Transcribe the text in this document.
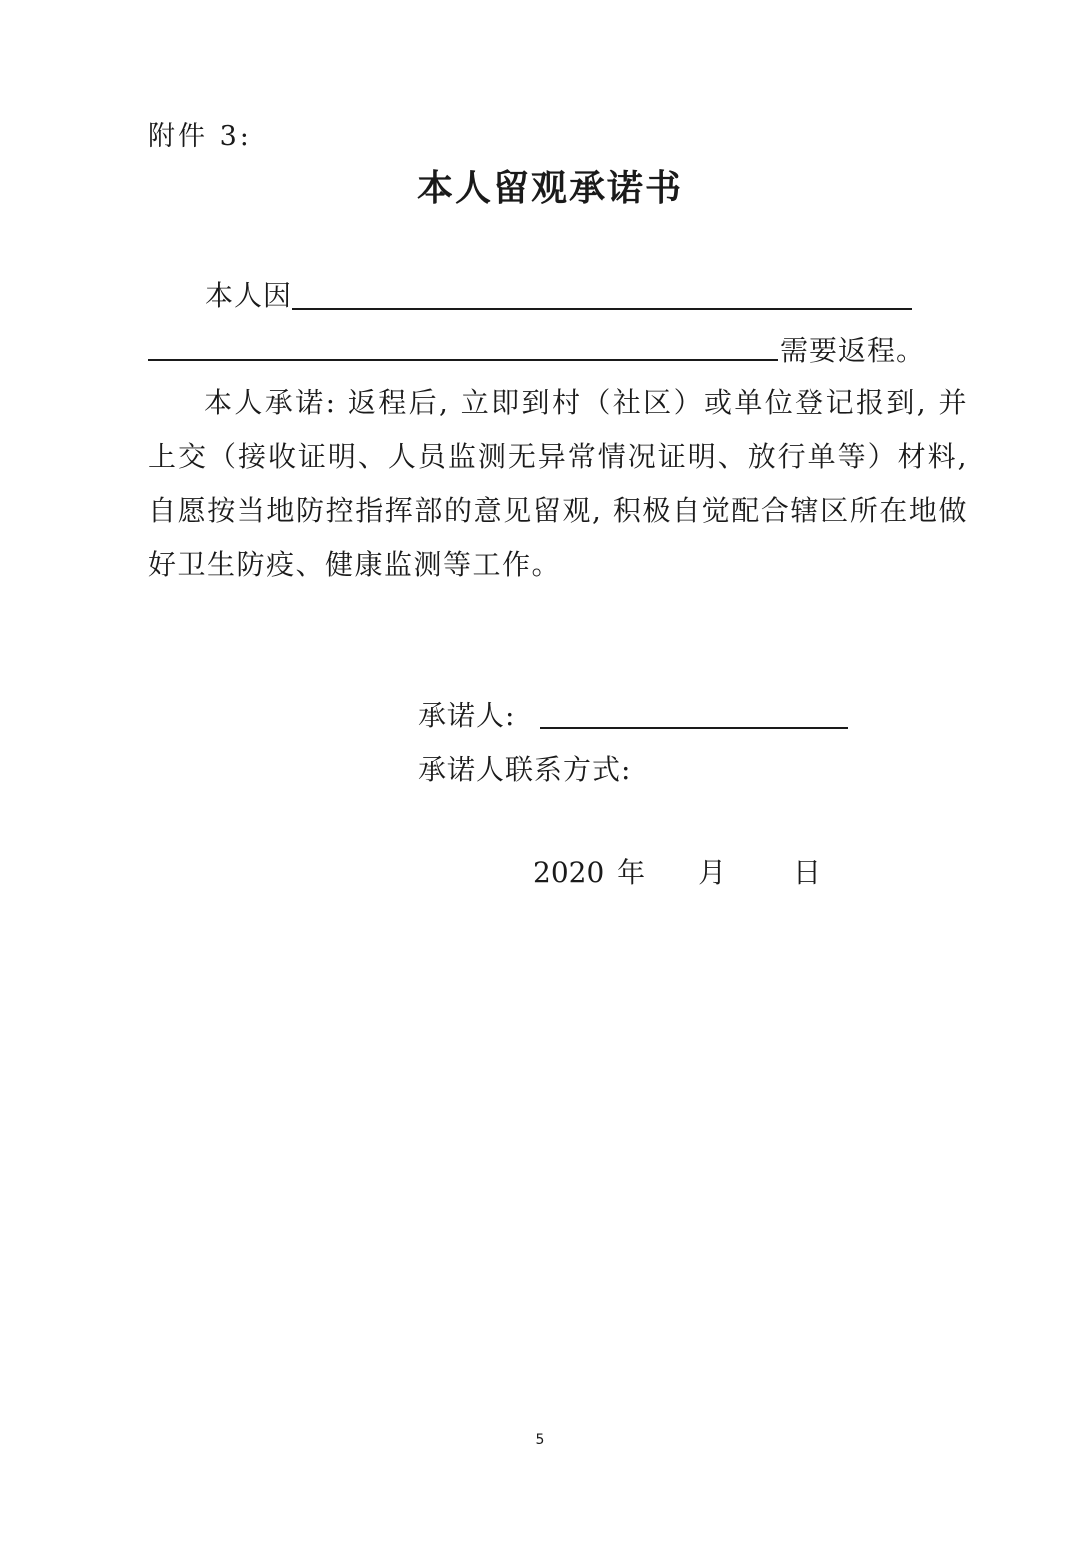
附件 3:
本人留观承诺书
本人因
需要返程。

本人承诺: 返程后, 立即到村（社区）或单位登记报到, 并上交（接收证明、人员监测无异常情况证明、放行单等）材料, 自愿按当地防控指挥部的意见留观, 积极自觉配合辖区所在地做好卫生防疫、健康监测等工作。

承诺人:
承诺人联系方式:
2020 年 月 日
5
